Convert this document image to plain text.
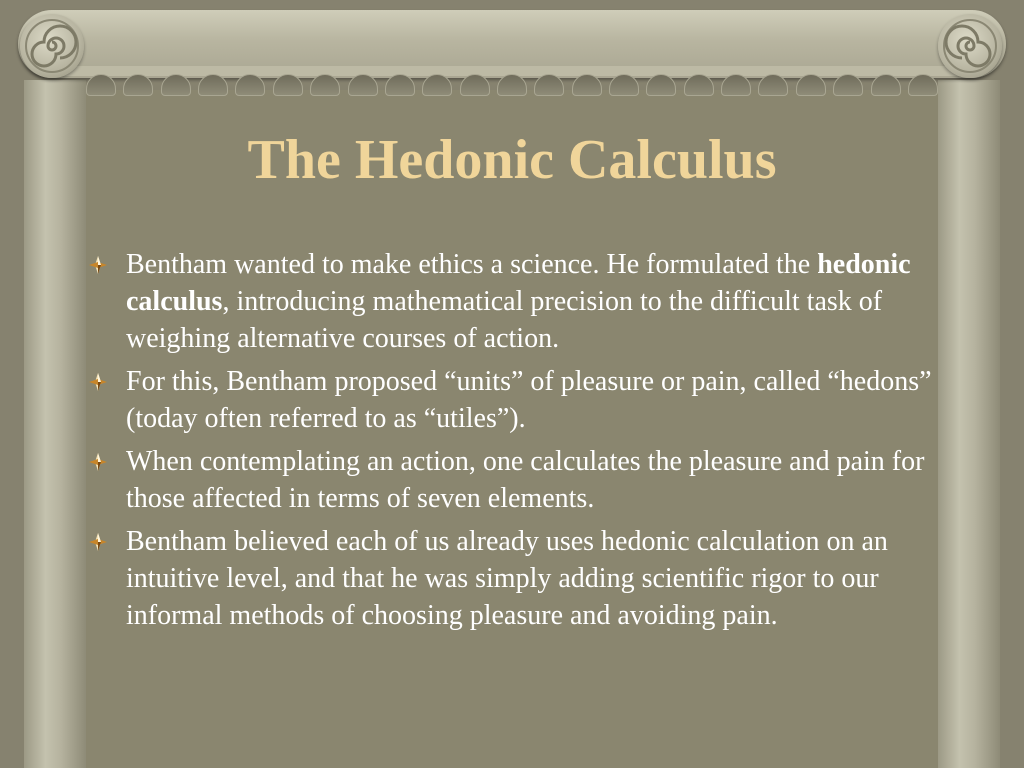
The Hedonic Calculus
Bentham wanted to make ethics a science. He formulated the hedonic calculus, introducing mathematical precision to the difficult task of weighing alternative courses of action.
For this, Bentham proposed “units” of pleasure or pain, called “hedons” (today often referred to as “utiles”).
When contemplating an action, one calculates the pleasure and pain for those affected in terms of seven elements.
Bentham believed each of us already uses hedonic calculation on an intuitive level, and that he was simply adding scientific rigor to our informal methods of choosing pleasure and avoiding pain.
